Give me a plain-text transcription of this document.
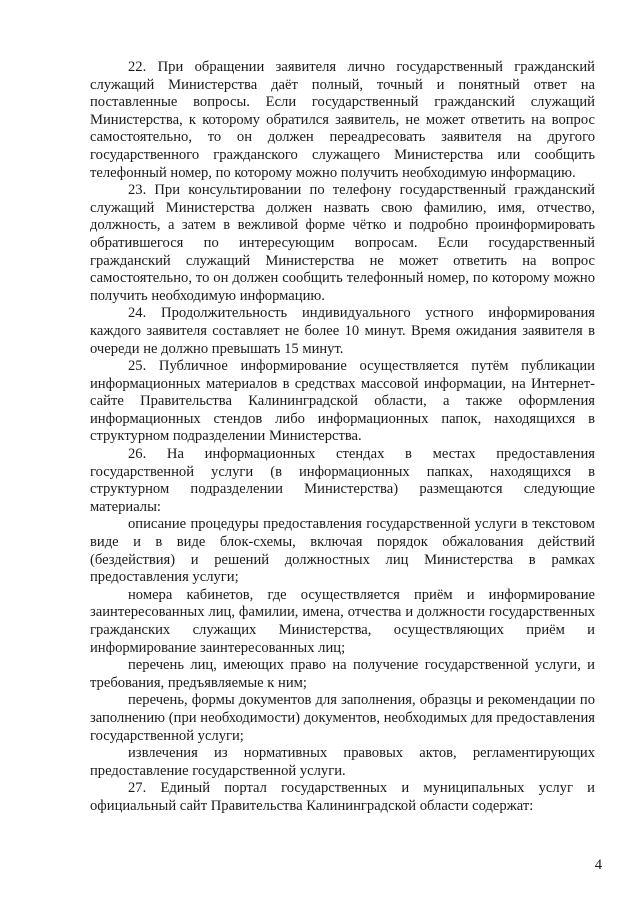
22. При обращении заявителя лично государственный гражданский служащий Министерства даёт полный, точный и понятный ответ на поставленные вопросы. Если государственный гражданский служащий Министерства, к которому обратился заявитель, не может ответить на вопрос самостоятельно, то он должен переадресовать заявителя на другого государственного гражданского служащего Министерства или сообщить телефонный номер, по которому можно получить необходимую информацию.

23. При консультировании по телефону государственный гражданский служащий Министерства должен назвать свою фамилию, имя, отчество, должность, а затем в вежливой форме чётко и подробно проинформировать обратившегося по интересующим вопросам. Если государственный гражданский служащий Министерства не может ответить на вопрос самостоятельно, то он должен сообщить телефонный номер, по которому можно получить необходимую информацию.

24. Продолжительность индивидуального устного информирования каждого заявителя составляет не более 10 минут. Время ожидания заявителя в очереди не должно превышать 15 минут.

25. Публичное информирование осуществляется путём публикации информационных материалов в средствах массовой информации, на Интернет-сайте Правительства Калининградской области, а также оформления информационных стендов либо информационных папок, находящихся в структурном подразделении Министерства.

26. На информационных стендах в местах предоставления государственной услуги (в информационных папках, находящихся в структурном подразделении Министерства) размещаются следующие материалы:

описание процедуры предоставления государственной услуги в текстовом виде и в виде блок-схемы, включая порядок обжалования действий (бездействия) и решений должностных лиц Министерства в рамках предоставления услуги;

номера кабинетов, где осуществляется приём и информирование заинтересованных лиц, фамилии, имена, отчества и должности государственных гражданских служащих Министерства, осуществляющих приём и информирование заинтересованных лиц;

перечень лиц, имеющих право на получение государственной услуги, и требования, предъявляемые к ним;

перечень, формы документов для заполнения, образцы и рекомендации по заполнению (при необходимости) документов, необходимых для предоставления государственной услуги;

извлечения из нормативных правовых актов, регламентирующих предоставление государственной услуги.

27. Единый портал государственных и муниципальных услуг и официальный сайт Правительства Калининградской области содержат:

4
